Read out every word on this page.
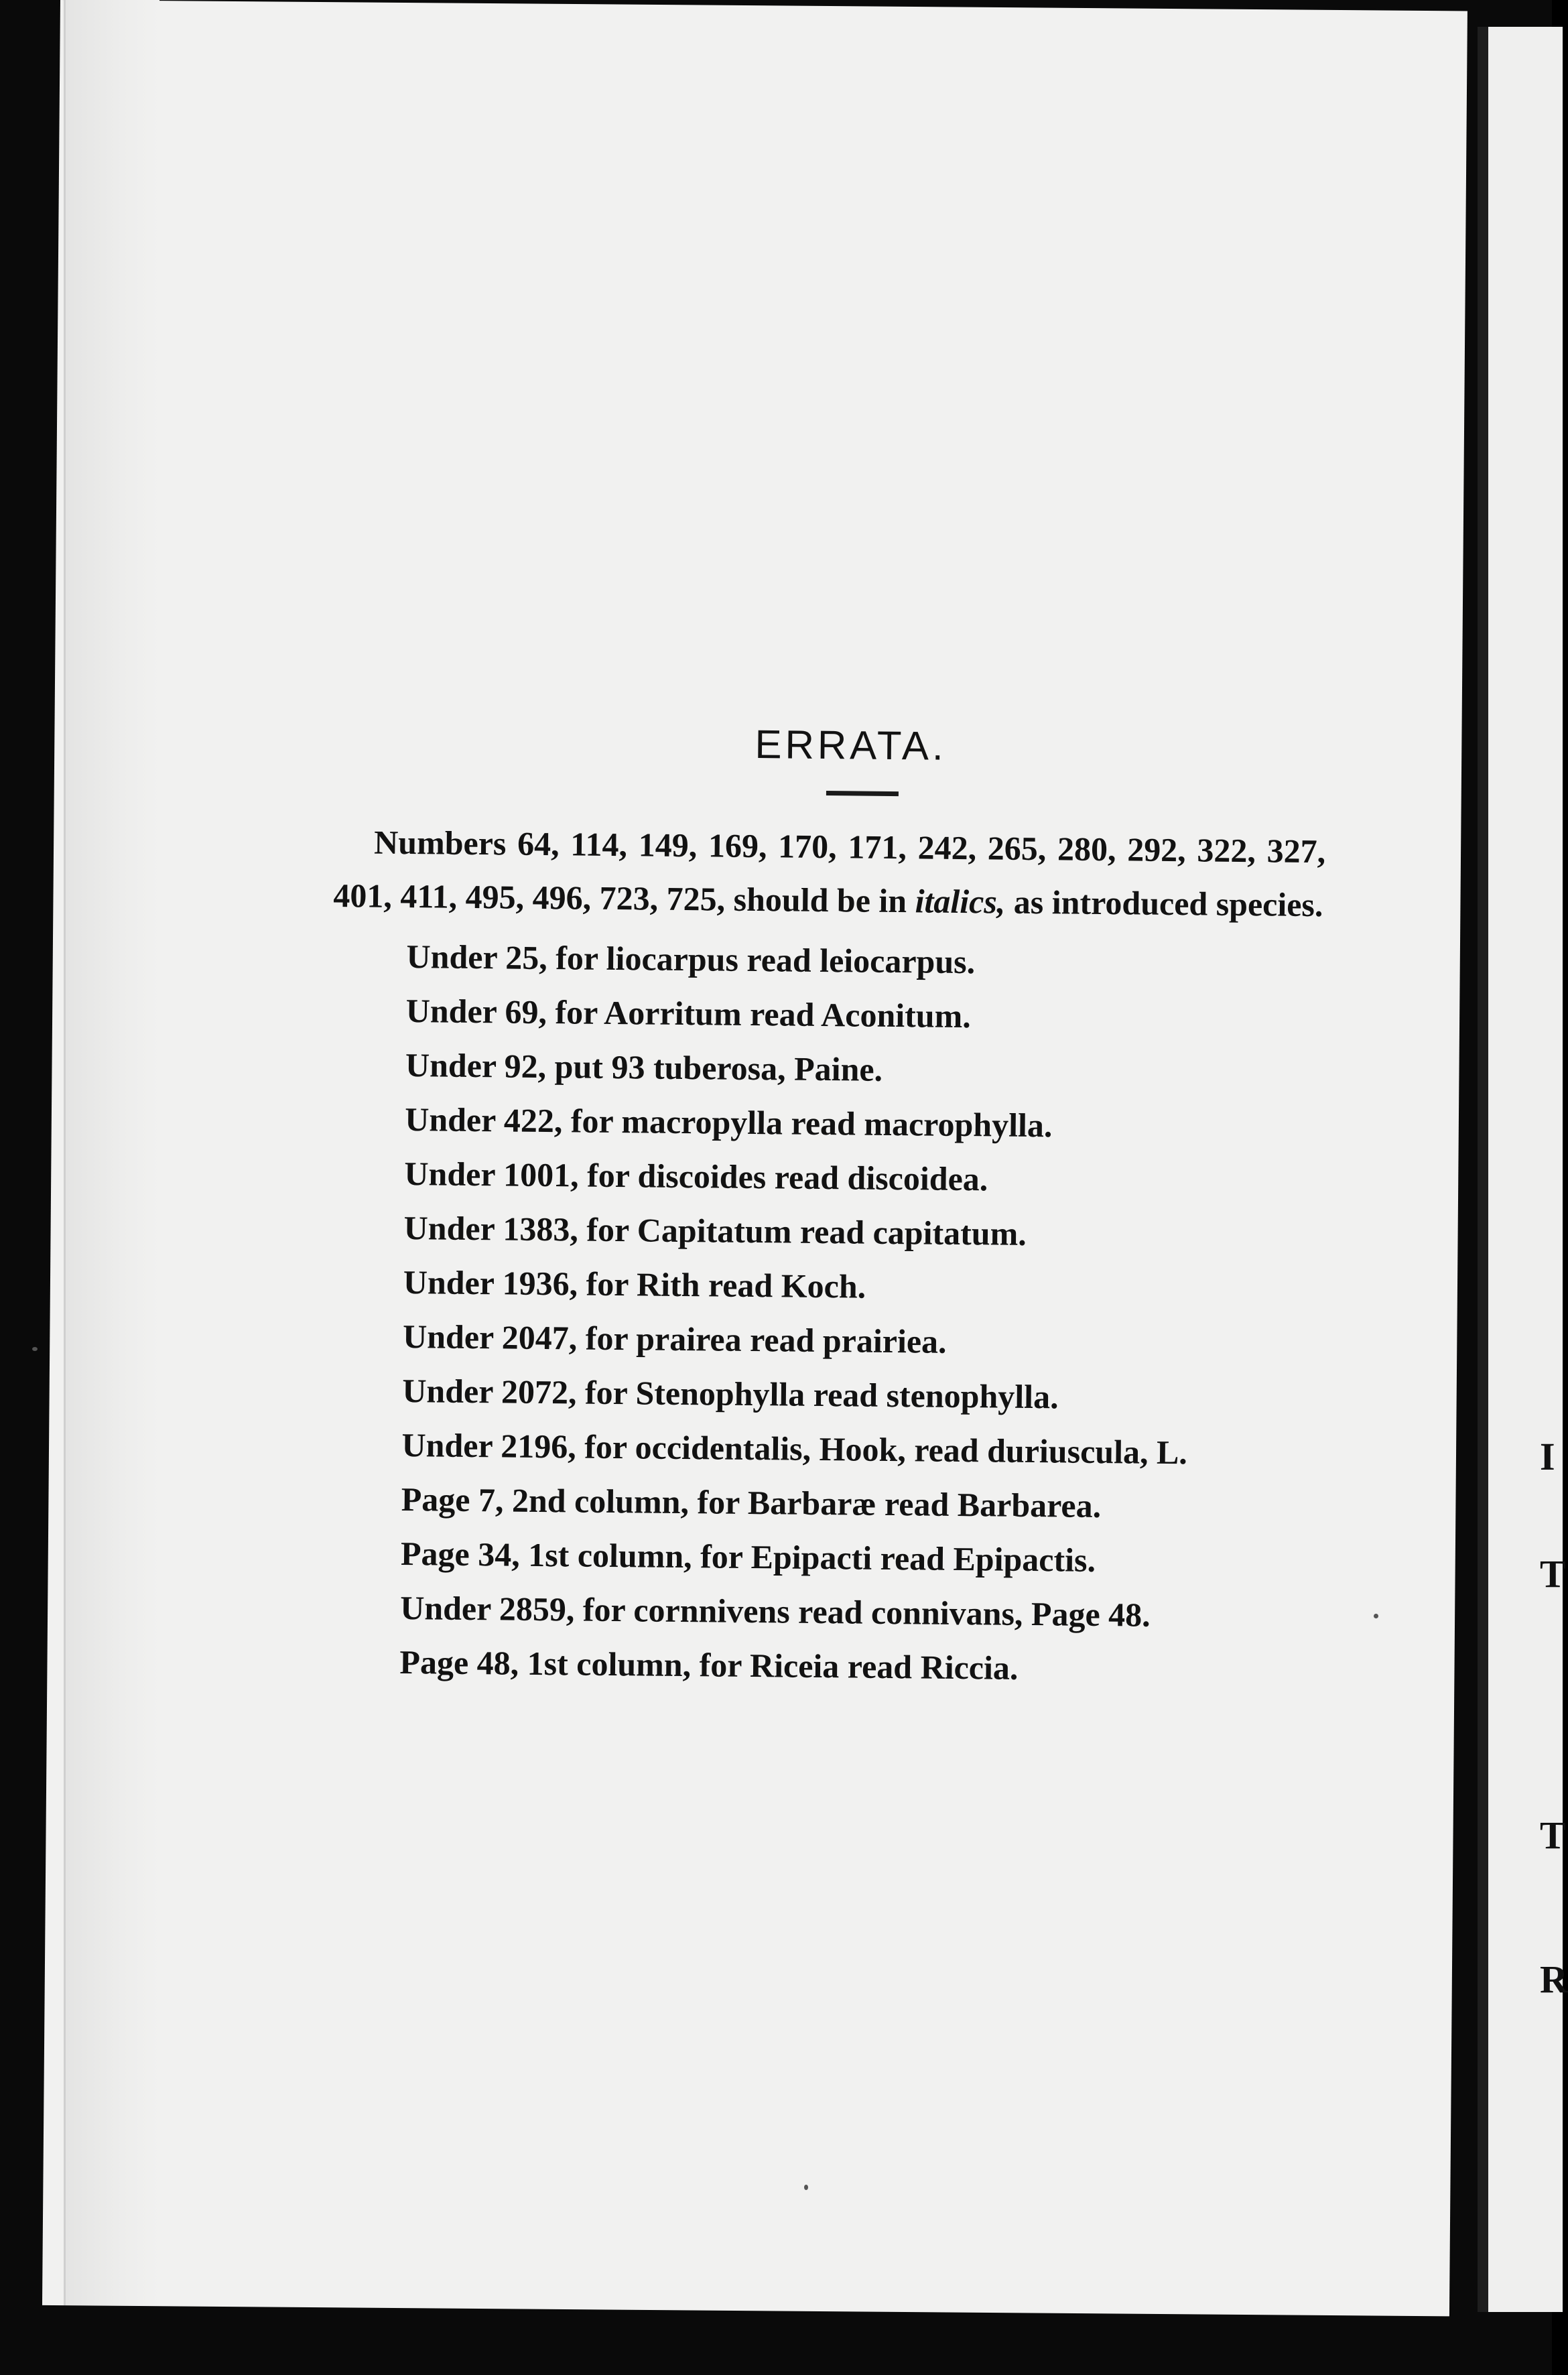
I
T
T
R
ERRATA.

Numbers 64, 114, 149, 169, 170, 171, 242, 265, 280, 292, 322, 327, 401, 411, 495, 496, 723, 725, should be in italics, as introduced species.

Under 25, for liocarpus read leiocarpus.
Under 69, for Aorritum read Aconitum.
Under 92, put 93 tuberosa, Paine.
Under 422, for macropylla read macrophylla.
Under 1001, for discoides read discoidea.
Under 1383, for Capitatum read capitatum.
Under 1936, for Rith read Koch.
Under 2047, for prairea read prairiea.
Under 2072, for Stenophylla read stenophylla.
Under 2196, for occidentalis, Hook, read duriuscula, L.
Page 7, 2nd column, for Barbaræ read Barbarea.
Page 34, 1st column, for Epipacti read Epipactis.
Under 2859, for cornnivens read connivans, Page 48.
Page 48, 1st column, for Riceia read Riccia.
